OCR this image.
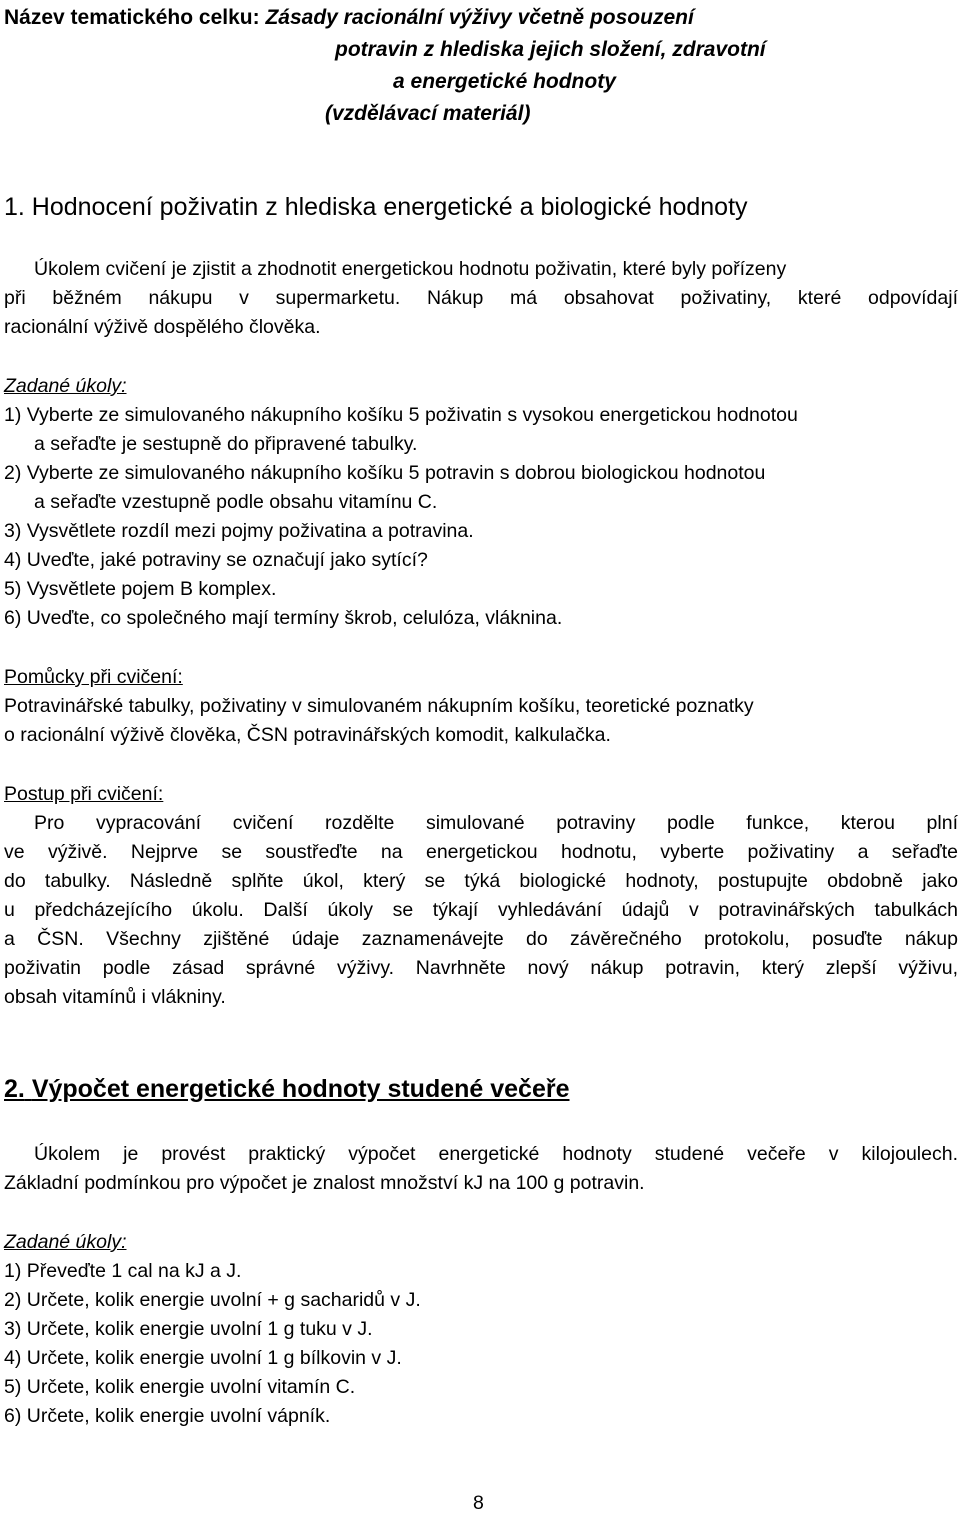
Název tematického celku: Zásady racionální výživy včetně posouzení
potravin z hlediska jejich složení, zdravotní
a energetické hodnoty
(vzdělávací materiál)
1. Hodnocení poživatin z hlediska energetické a biologické hodnoty
Úkolem cvičení je zjistit a zhodnotit energetickou hodnotu poživatin, které byly pořízeny
při běžném nákupu v supermarketu. Nákup má obsahovat poživatiny, které odpovídají
racionální výživě dospělého člověka.
Zadané úkoly:
1) Vyberte ze simulovaného nákupního košíku 5 poživatin s vysokou energetickou hodnotou
a seřaďte je sestupně do připravené tabulky.
2) Vyberte ze simulovaného nákupního košíku 5 potravin s dobrou biologickou hodnotou
a seřaďte vzestupně podle obsahu vitamínu C.
3) Vysvětlete rozdíl mezi pojmy poživatina a potravina.
4) Uveďte, jaké potraviny se označují jako sytící?
5) Vysvětlete pojem B komplex.
6) Uveďte, co společného mají termíny škrob, celulóza, vláknina.
Pomůcky při cvičení:
Potravinářské tabulky, poživatiny v simulovaném nákupním košíku, teoretické poznatky
o racionální výživě člověka, ČSN potravinářských komodit, kalkulačka.
Postup při cvičení:
Pro vypracování cvičení rozdělte simulované potraviny podle funkce, kterou plní
ve výživě. Nejprve se soustřeďte na energetickou hodnotu, vyberte poživatiny a seřaďte
do tabulky. Následně splňte úkol, který se týká biologické hodnoty, postupujte obdobně jako
u předcházejícího úkolu. Další úkoly se týkají vyhledávání údajů v potravinářských tabulkách
a ČSN. Všechny zjištěné údaje zaznamenávejte do závěrečného protokolu, posuďte nákup
poživatin podle zásad správné výživy. Navrhněte nový nákup potravin, který zlepší výživu,
obsah vitamínů i vlákniny.
2. Výpočet energetické hodnoty studené večeře
Úkolem je provést praktický výpočet energetické hodnoty studené večeře v kilojoulech.
Základní podmínkou pro výpočet je znalost množství kJ na 100 g potravin.
Zadané úkoly:
1) Převeďte 1 cal na kJ a J.
2) Určete, kolik energie uvolní + g sacharidů v J.
3) Určete, kolik energie uvolní 1 g tuku v J.
4) Určete, kolik energie uvolní 1 g bílkovin v J.
5) Určete, kolik energie uvolní vitamín C.
6) Určete, kolik energie uvolní vápník.
8
